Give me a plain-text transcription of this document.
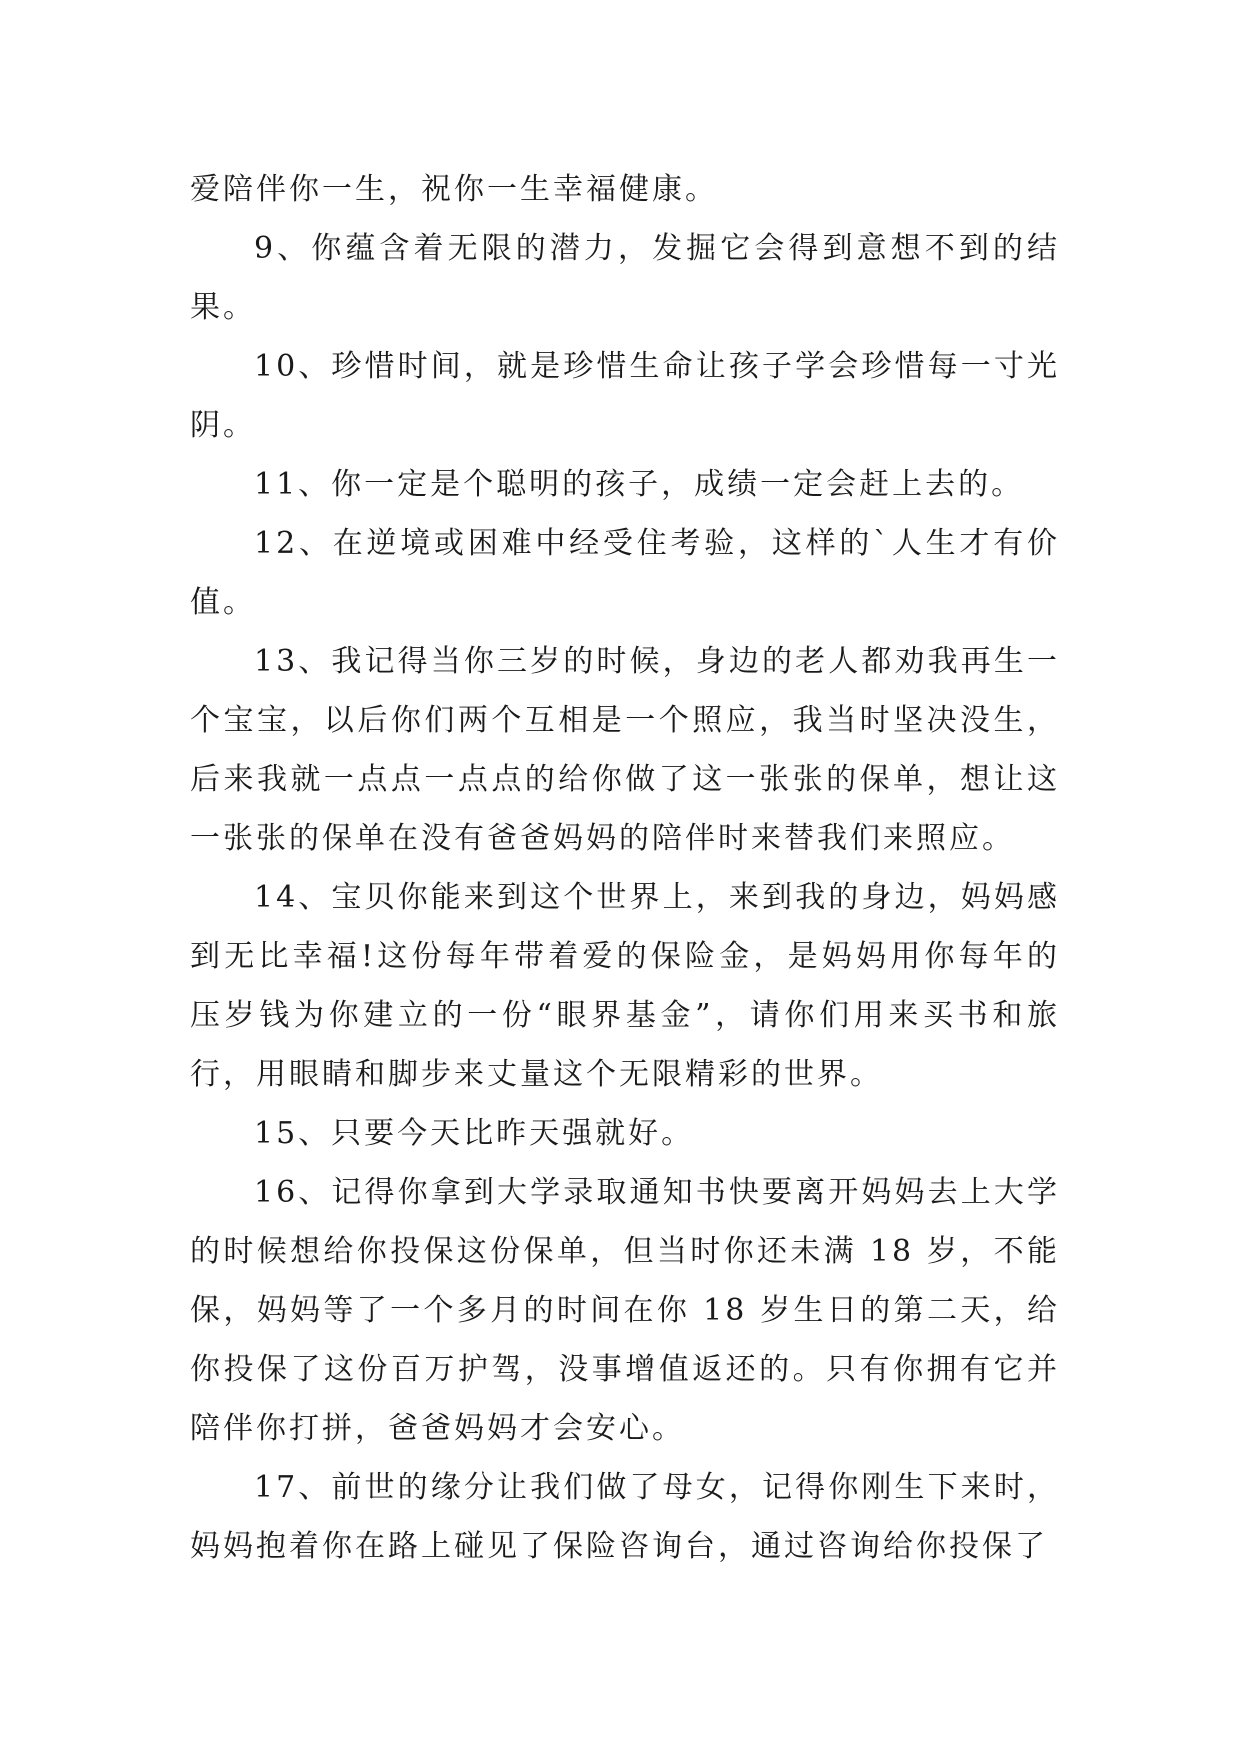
爱陪伴你一生，祝你一生幸福健康。

9、你蕴含着无限的潜力，发掘它会得到意想不到的结果。

10、珍惜时间，就是珍惜生命让孩子学会珍惜每一寸光阴。

11、你一定是个聪明的孩子，成绩一定会赶上去的。

12、在逆境或困难中经受住考验，这样的`人生才有价值。

13、我记得当你三岁的时候，身边的老人都劝我再生一个宝宝，以后你们两个互相是一个照应，我当时坚决没生，后来我就一点点一点点的给你做了这一张张的保单，想让这一张张的保单在没有爸爸妈妈的陪伴时来替我们来照应。

14、宝贝你能来到这个世界上，来到我的身边，妈妈感到无比幸福!这份每年带着爱的保险金，是妈妈用你每年的压岁钱为你建立的一份“眼界基金”，请你们用来买书和旅行，用眼睛和脚步来丈量这个无限精彩的世界。

15、只要今天比昨天强就好。

16、记得你拿到大学录取通知书快要离开妈妈去上大学的时候想给你投保这份保单，但当时你还未满 18 岁，不能保，妈妈等了一个多月的时间在你 18 岁生日的第二天，给你投保了这份百万护驾，没事增值返还的。只有你拥有它并陪伴你打拼，爸爸妈妈才会安心。

17、前世的缘分让我们做了母女，记得你刚生下来时，妈妈抱着你在路上碰见了保险咨询台，通过咨询给你投保了
